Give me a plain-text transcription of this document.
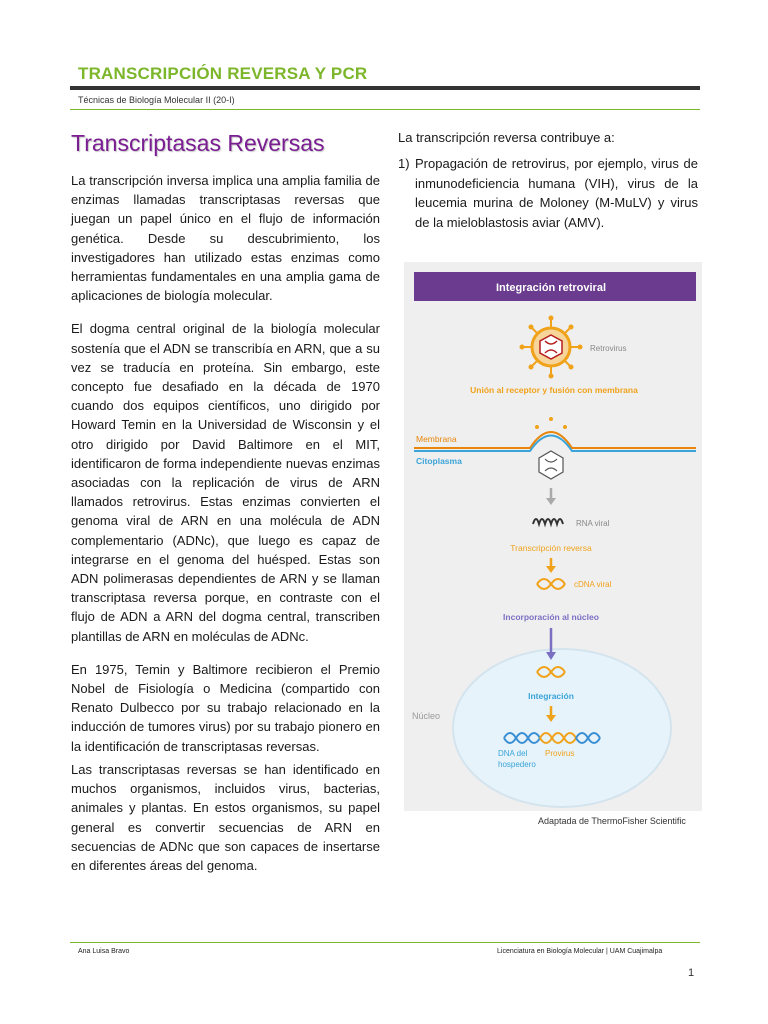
TRANSCRIPCIÓN REVERSA Y PCR
Técnicas de Biología Molecular II (20-I)
Transcriptasas Reversas

La transcripción inversa implica una amplia familia de enzimas llamadas transcriptasas reversas que juegan un papel único en el flujo de información genética. Desde su descubrimiento, los investigadores han utilizado estas enzimas como herramientas fundamentales en una amplia gama de aplicaciones de biología molecular.

El dogma central original de la biología molecular sostenía que el ADN se transcribía en ARN, que a su vez se traducía en proteína. Sin embargo, este concepto fue desafiado en la década de 1970 cuando dos equipos científicos, uno dirigido por Howard Temin en la Universidad de Wisconsin y el otro dirigido por David Baltimore en el MIT, identificaron de forma independiente nuevas enzimas asociadas con la replicación de virus de ARN llamados retrovirus. Estas enzimas convierten el genoma viral de ARN en una molécula de ADN complementario (ADNc), que luego es capaz de integrarse en el genoma del huésped. Estas son ADN polimerasas dependientes de ARN y se llaman transcriptasa reversa porque, en contraste con el flujo de ADN a ARN del dogma central, transcriben plantillas de ARN en moléculas de ADNc.

En 1975, Temin y Baltimore recibieron el Premio Nobel de Fisiología o Medicina (compartido con Renato Dulbecco por su trabajo relacionado en la inducción de tumores virus) por su trabajo pionero en la identificación de transcriptasas reversas.

Las transcriptasas reversas se han identificado en muchos organismos, incluidos virus, bacterias, animales y plantas. En estos organismos, su papel general es convertir secuencias de ARN en secuencias de ADNc que son capaces de insertarse en diferentes áreas del genoma.

La transcripción reversa contribuye a:

1) Propagación de retrovirus, por ejemplo, virus de inmunodeficiencia humana (VIH), virus de la leucemia murina de Moloney (M-MuLV) y virus de la mieloblastosis aviar (AMV).
Integración retroviral
Retrovirus
Unión al receptor y fusión con membrana
Membrana
Citoplasma
RNA viral
Transcripción reversa
cDNA viral
Incorporación al núcleo
Núcleo
Integración
DNA del
hospedero
Provirus
Adaptada de ThermoFisher Scientific
Ana Luisa Bravo	Licenciatura en Biología Molecular | UAM Cuajimalpa
1
